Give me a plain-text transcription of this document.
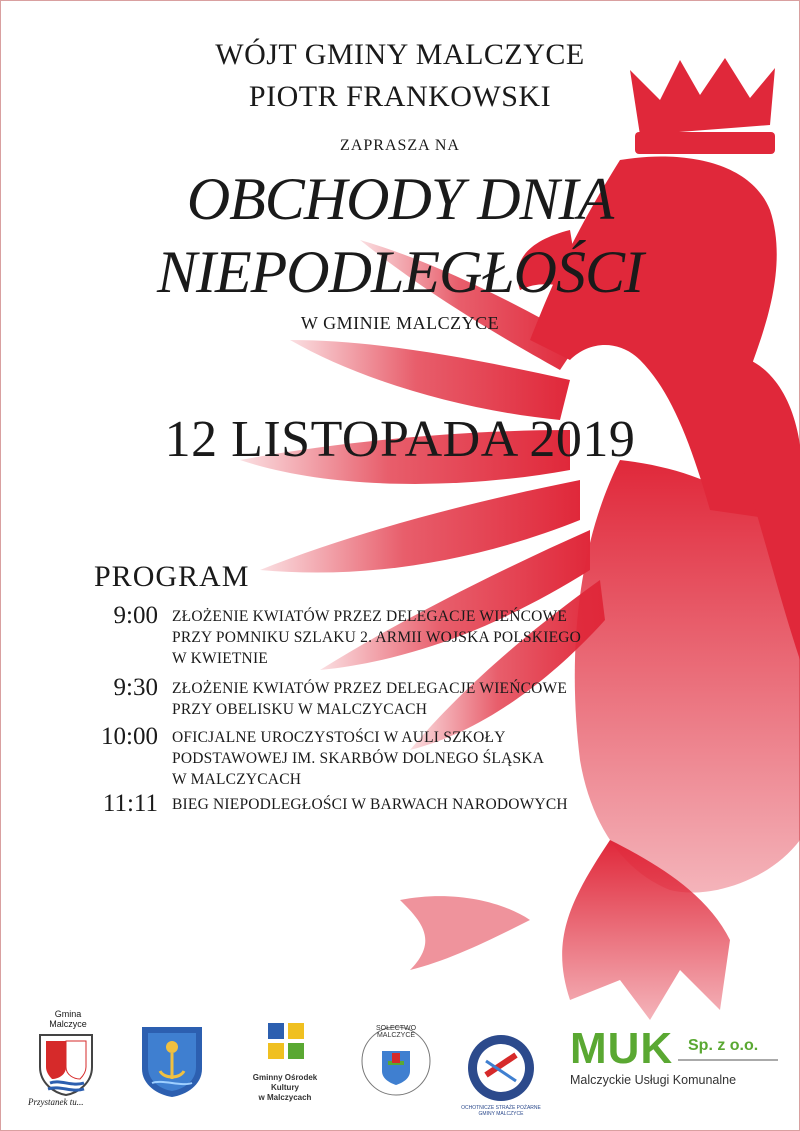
WÓJT GMINY MALCZYCE
PIOTR FRANKOWSKI
ZAPRASZA NA
OBCHODY DNIA
NIEPODLEGŁOŚCI
W GMINIE MALCZYCE
12 LISTOPADA 2019
PROGRAM
9:00 ZŁOŻENIE KWIATÓW PRZEZ DELEGACJE WIEŃCOWE
PRZY POMNIKU SZLAKU 2. ARMII WOJSKA POLSKIEGO
W KWIETNIE
9:30 ZŁOŻENIE KWIATÓW PRZEZ DELEGACJE WIEŃCOWE
PRZY OBELISKU W MALCZYCACH
10:00 OFICJALNE UROCZYSTOŚCI W AULI SZKOŁY
PODSTAWOWEJ IM. SKARBÓW DOLNEGO ŚLĄSKA
W MALCZYCACH
11:11 BIEG NIEPODLEGŁOŚCI W BARWACH NARODOWYCH
Gmina
Malczyce
Przystanek tu...
Gminny Ośrodek Kultury
w Malczycach
SOŁECTWO MALCZYCE
OCHOTNICZE STRAŻE POŻARNE GMINY MALCZYCE
MUK Sp. z o.o.
Malczyckie Usługi Komunalne
